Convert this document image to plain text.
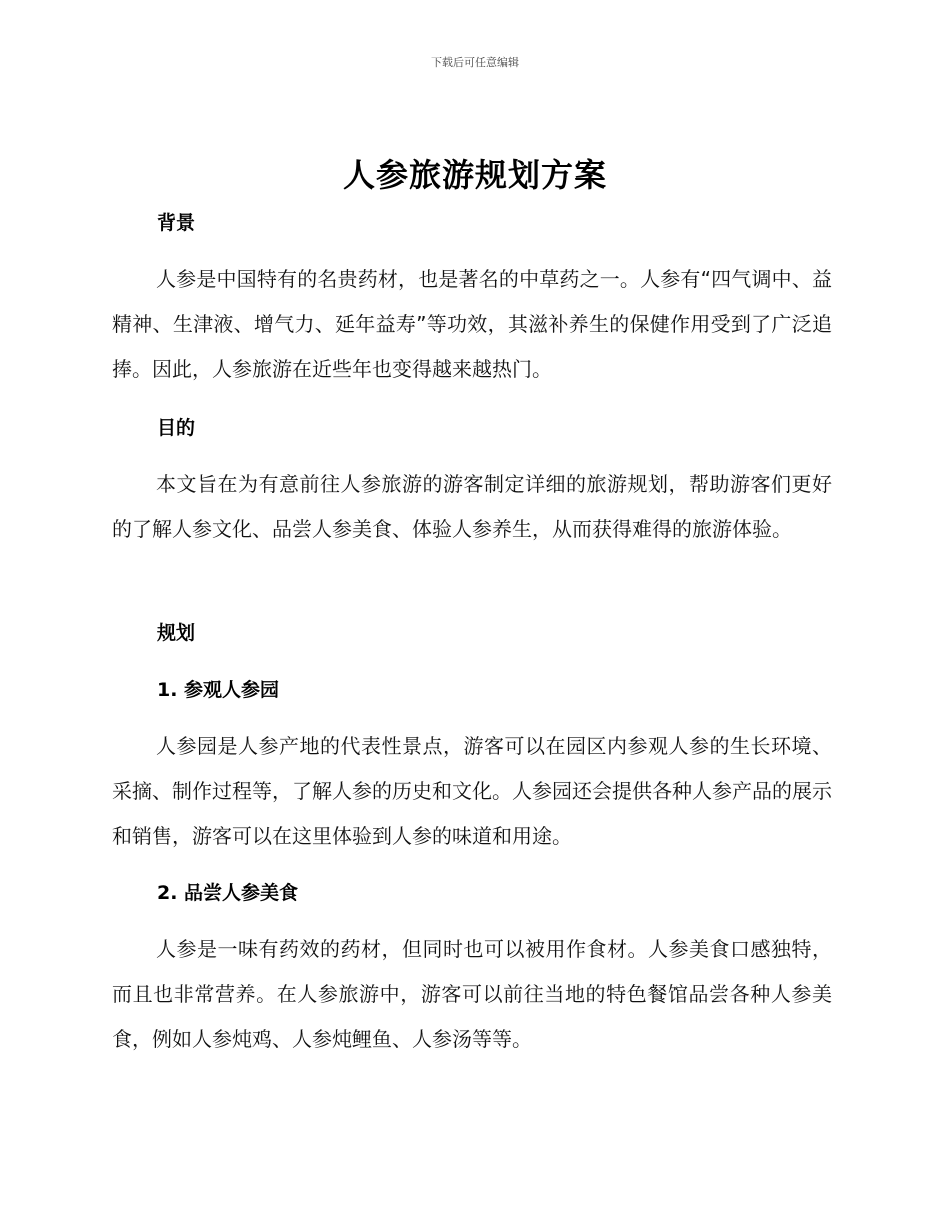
下载后可任意编辑
人参旅游规划方案
背景
人参是中国特有的名贵药材，也是著名的中草药之一。人参有“四气调中、益精神、生津液、增气力、延年益寿”等功效，其滋补养生的保健作用受到了广泛追捧。因此，人参旅游在近些年也变得越来越热门。
目的
本文旨在为有意前往人参旅游的游客制定详细的旅游规划，帮助游客们更好的了解人参文化、品尝人参美食、体验人参养生，从而获得难得的旅游体验。
规划
1. 参观人参园
人参园是人参产地的代表性景点，游客可以在园区内参观人参的生长环境、采摘、制作过程等，了解人参的历史和文化。人参园还会提供各种人参产品的展示和销售，游客可以在这里体验到人参的味道和用途。
2. 品尝人参美食
人参是一味有药效的药材，但同时也可以被用作食材。人参美食口感独特，而且也非常营养。在人参旅游中，游客可以前往当地的特色餐馆品尝各种人参美食，例如人参炖鸡、人参炖鲤鱼、人参汤等等。
